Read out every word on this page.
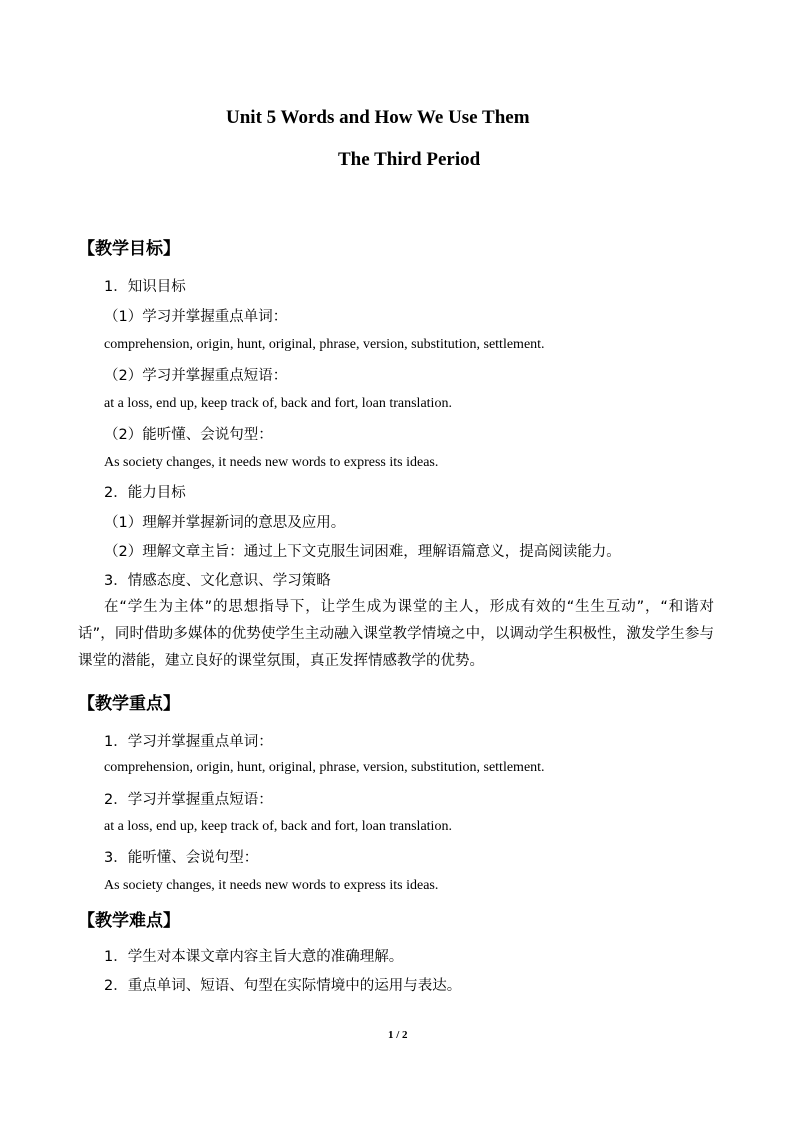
Unit 5 Words and How We Use Them
The Third Period
【教学目标】
1．知识目标
（1）学习并掌握重点单词：
comprehension, origin, hunt, original, phrase, version, substitution, settlement.
（2）学习并掌握重点短语：
at a loss, end up, keep track of, back and fort, loan translation.
（2）能听懂、会说句型：
As society changes, it needs new words to express its ideas.
2．能力目标
（1）理解并掌握新词的意思及应用。
（2）理解文章主旨：通过上下文克服生词困难，理解语篇意义，提高阅读能力。
3．情感态度、文化意识、学习策略
在“学生为主体”的思想指导下，让学生成为课堂的主人，形成有效的“生生互动”，“和谐对话”，同时借助多媒体的优势使学生主动融入课堂教学情境之中，以调动学生积极性，激发学生参与课堂的潜能，建立良好的课堂氛围，真正发挥情感教学的优势。
【教学重点】
1．学习并掌握重点单词：
comprehension, origin, hunt, original, phrase, version, substitution, settlement.
2．学习并掌握重点短语：
at a loss, end up, keep track of, back and fort, loan translation.
3．能听懂、会说句型：
As society changes, it needs new words to express its ideas.
【教学难点】
1．学生对本课文章内容主旨大意的准确理解。
2．重点单词、短语、句型在实际情境中的运用与表达。
1 / 2
